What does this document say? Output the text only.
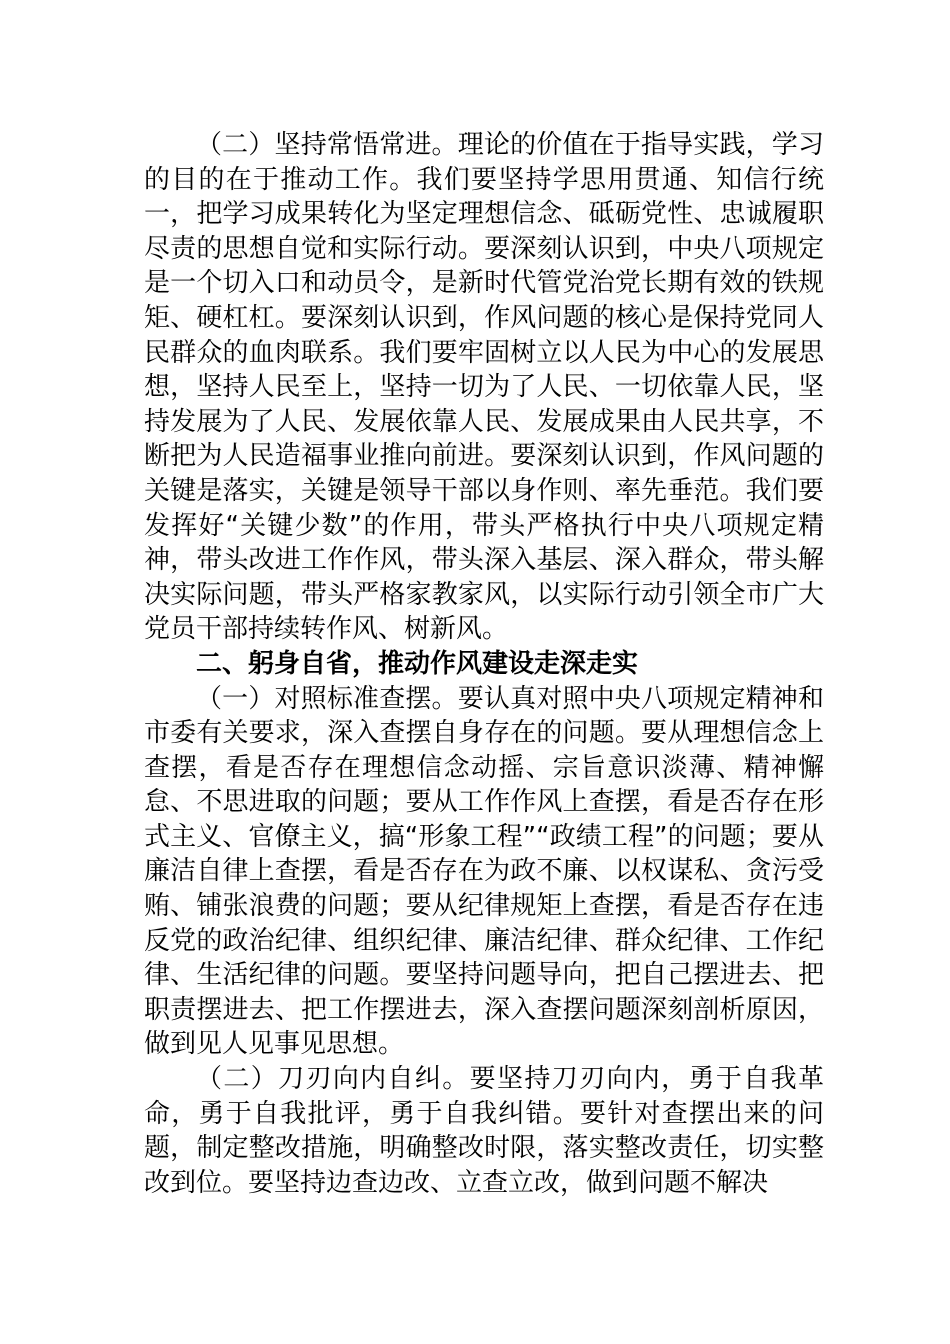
（二）坚持常悟常进。理论的价值在于指导实践，学习的目的在于推动工作。我们要坚持学思用贯通、知信行统一，把学习成果转化为坚定理想信念、砥砺党性、忠诚履职尽责的思想自觉和实际行动。要深刻认识到，中央八项规定是一个切入口和动员令，是新时代管党治党长期有效的铁规矩、硬杠杠。要深刻认识到，作风问题的核心是保持党同人民群众的血肉联系。我们要牢固树立以人民为中心的发展思想，坚持人民至上，坚持一切为了人民、一切依靠人民，坚持发展为了人民、发展依靠人民、发展成果由人民共享，不断把为人民造福事业推向前进。要深刻认识到，作风问题的关键是落实，关键是领导干部以身作则、率先垂范。我们要发挥好“关键少数”的作用，带头严格执行中央八项规定精神，带头改进工作作风，带头深入基层、深入群众，带头解决实际问题，带头严格家教家风，以实际行动引领全市广大党员干部持续转作风、树新风。

二、躬身自省，推动作风建设走深走实

（一）对照标准查摆。要认真对照中央八项规定精神和市委有关要求，深入查摆自身存在的问题。要从理想信念上查摆，看是否存在理想信念动摇、宗旨意识淡薄、精神懈怠、不思进取的问题；要从工作作风上查摆，看是否存在形式主义、官僚主义，搞“形象工程”“政绩工程”的问题；要从廉洁自律上查摆，看是否存在为政不廉、以权谋私、贪污受贿、铺张浪费的问题；要从纪律规矩上查摆，看是否存在违反党的政治纪律、组织纪律、廉洁纪律、群众纪律、工作纪律、生活纪律的问题。要坚持问题导向，把自己摆进去、把职责摆进去、把工作摆进去，深入查摆问题深刻剖析原因，做到见人见事见思想。

（二）刀刃向内自纠。要坚持刀刃向内，勇于自我革命，勇于自我批评，勇于自我纠错。要针对查摆出来的问题，制定整改措施，明确整改时限，落实整改责任，切实整改到位。要坚持边查边改、立查立改，做到问题不解决
